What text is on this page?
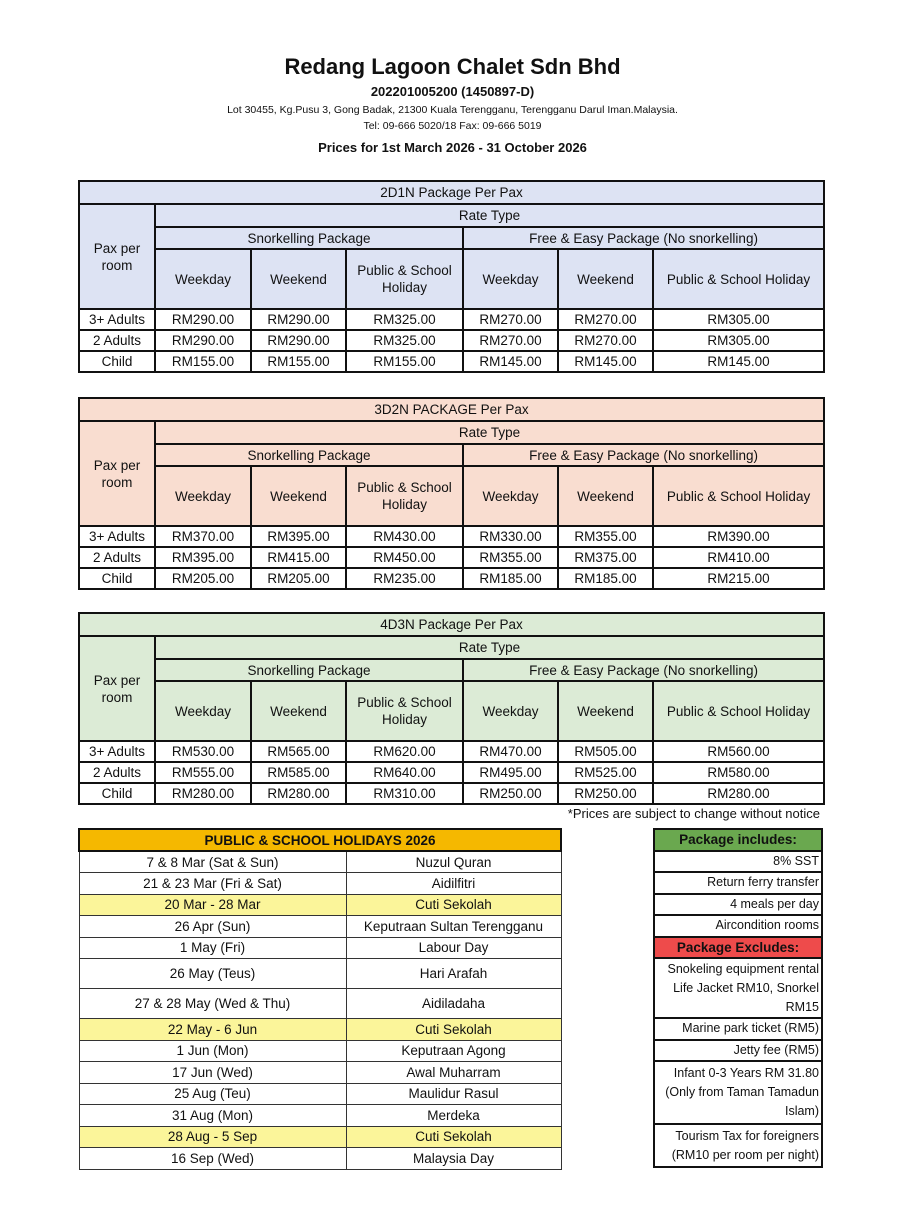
Redang Lagoon Chalet Sdn Bhd
202201005200 (1450897-D)
Lot 30455, Kg.Pusu 3, Gong Badak, 21300 Kuala Terengganu, Terengganu Darul Iman.Malaysia.
Tel: 09-666 5020/18 Fax: 09-666 5019
Prices for 1st March 2026 - 31 October 2026
2D1N Package Per Pax						
Pax per room	Rate Type					
	Snorkelling Package			Free & Easy Package (No snorkelling)		
	Weekday	Weekend	Public & School Holiday	Weekday	Weekend	Public & School Holiday
3+ Adults	RM290.00	RM290.00	RM325.00	RM270.00	RM270.00	RM305.00
2 Adults	RM290.00	RM290.00	RM325.00	RM270.00	RM270.00	RM305.00
Child	RM155.00	RM155.00	RM155.00	RM145.00	RM145.00	RM145.00
3D2N PACKAGE Per Pax						
Pax per room	Rate Type					
	Snorkelling Package			Free & Easy Package (No snorkelling)		
	Weekday	Weekend	Public & School Holiday	Weekday	Weekend	Public & School Holiday
3+ Adults	RM370.00	RM395.00	RM430.00	RM330.00	RM355.00	RM390.00
2 Adults	RM395.00	RM415.00	RM450.00	RM355.00	RM375.00	RM410.00
Child	RM205.00	RM205.00	RM235.00	RM185.00	RM185.00	RM215.00
4D3N Package Per Pax						
Pax per room	Rate Type					
	Snorkelling Package			Free & Easy Package (No snorkelling)		
	Weekday	Weekend	Public & School Holiday	Weekday	Weekend	Public & School Holiday
3+ Adults	RM530.00	RM565.00	RM620.00	RM470.00	RM505.00	RM560.00
2 Adults	RM555.00	RM585.00	RM640.00	RM495.00	RM525.00	RM580.00
Child	RM280.00	RM280.00	RM310.00	RM250.00	RM250.00	RM280.00
*Prices are subject to change without notice
PUBLIC & SCHOOL HOLIDAYS 2026	
7 & 8 Mar (Sat & Sun)	Nuzul Quran
21 & 23 Mar (Fri & Sat)	Aidilfitri
20 Mar - 28 Mar	Cuti Sekolah
26 Apr (Sun)	Keputraan Sultan Terengganu
1 May (Fri)	Labour Day
26 May (Teus)	Hari Arafah
27 & 28 May (Wed & Thu)	Aidiladaha
22 May - 6 Jun	Cuti Sekolah
1 Jun (Mon)	Keputraan Agong
17 Jun (Wed)	Awal Muharram
25 Aug (Teu)	Maulidur Rasul
31 Aug (Mon)	Merdeka
28 Aug - 5 Sep	Cuti Sekolah
16 Sep (Wed)	Malaysia Day
Package includes:
8% SST
Return ferry transfer
4 meals per day
Aircondition rooms
Package Excludes:
Snokeling equipment rental Life Jacket RM10, Snorkel RM15
Marine park ticket (RM5)
Jetty fee (RM5)
Infant 0-3 Years RM 31.80 (Only from Taman Tamadun Islam)
Tourism Tax for foreigners (RM10 per room per night)
